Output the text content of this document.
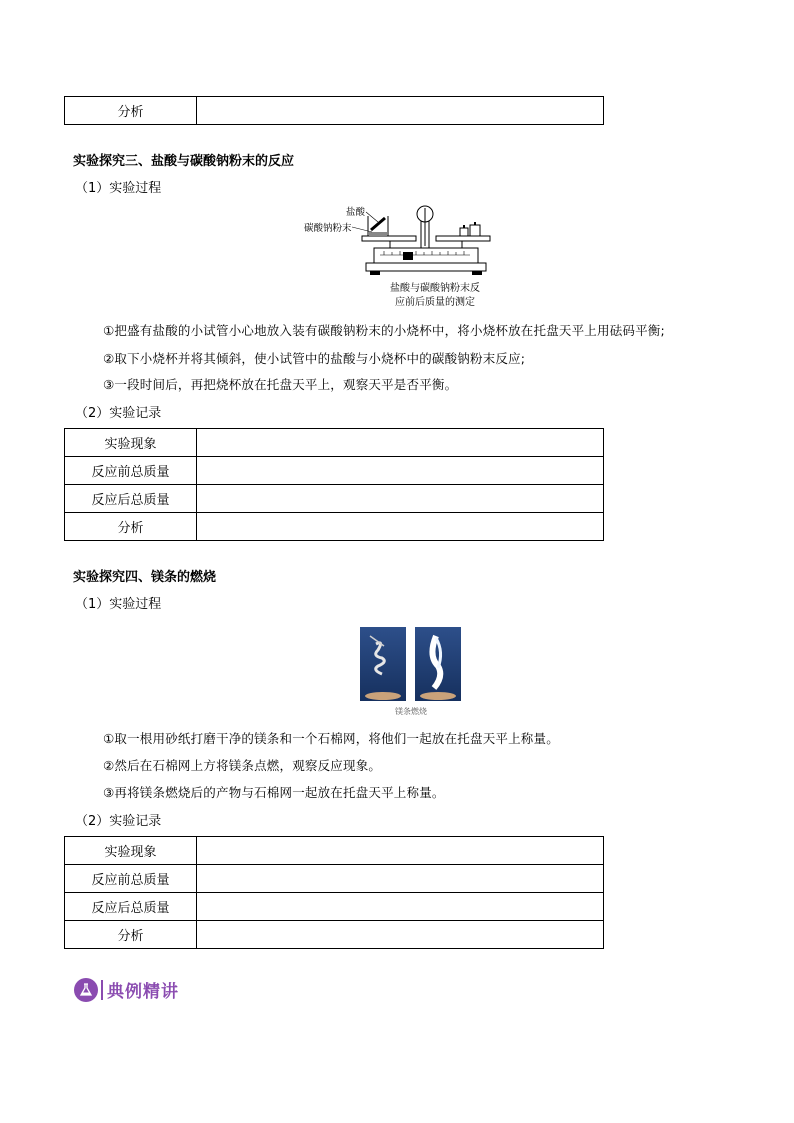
分析	
实验探究三、盐酸与碳酸钠粉末的反应
（1）实验过程
盐酸
碳酸钠粉末
盐酸与碳酸钠粉末反
应前后质量的测定
①把盛有盐酸的小试管小心地放入装有碳酸钠粉末的小烧杯中，将小烧杯放在托盘天平上用砝码平衡;
②取下小烧杯并将其倾斜，使小试管中的盐酸与小烧杯中的碳酸钠粉末反应;
③一段时间后，再把烧杯放在托盘天平上，观察天平是否平衡。
（2）实验记录
实验现象	
反应前总质量	
反应后总质量	
分析	
实验探究四、镁条的燃烧
（1）实验过程
镁条燃烧
①取一根用砂纸打磨干净的镁条和一个石棉网，将他们一起放在托盘天平上称量。
②然后在石棉网上方将镁条点燃，观察反应现象。
③再将镁条燃烧后的产物与石棉网一起放在托盘天平上称量。
（2）实验记录
实验现象	
反应前总质量	
反应后总质量	
分析	
典例精讲
